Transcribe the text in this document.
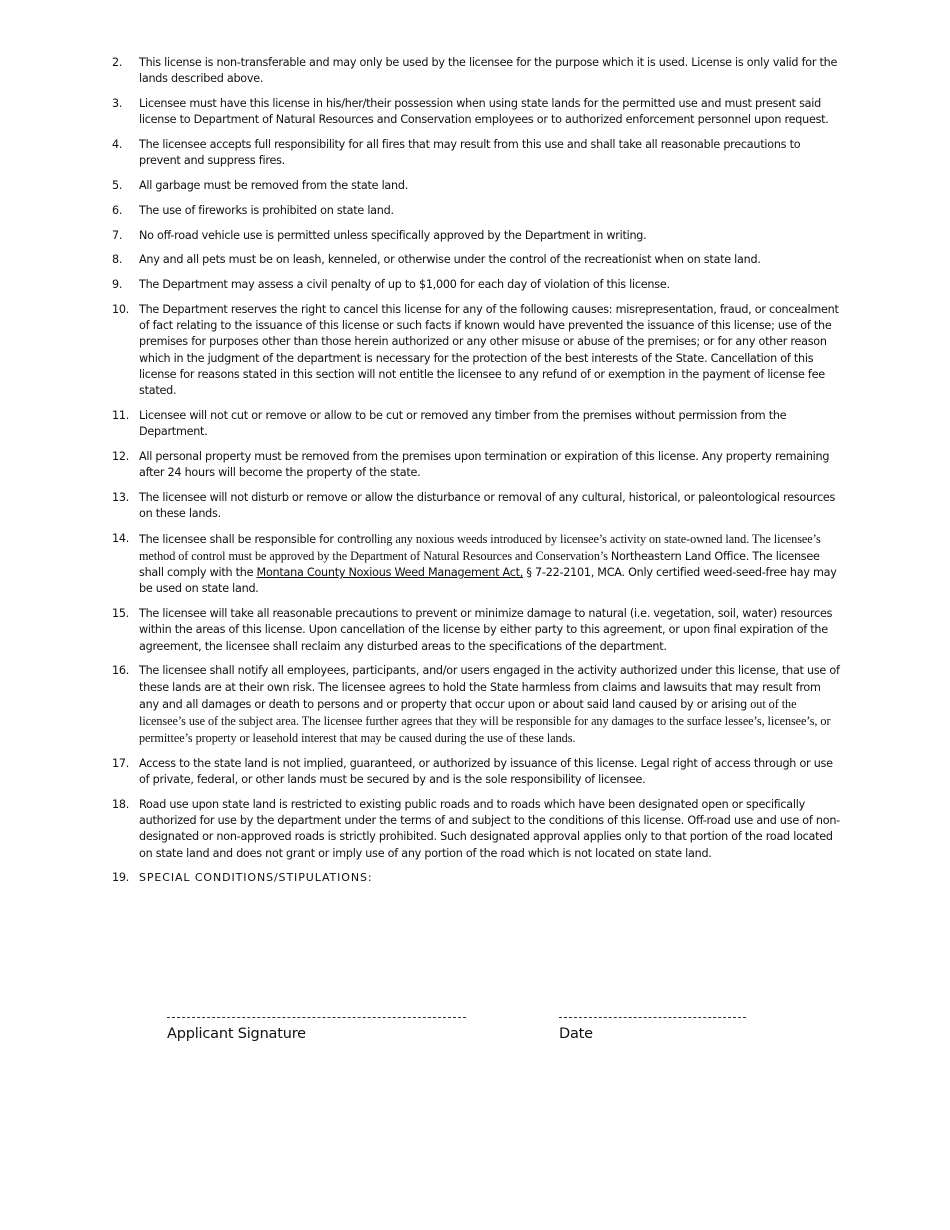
2.	This license is non-transferable and may only be used by the licensee for the purpose which it is used. License is only valid for the lands described above.
3.	Licensee must have this license in his/her/their possession when using state lands for the permitted use and must present said license to Department of Natural Resources and Conservation employees or to authorized enforcement personnel upon request.
4.	The licensee accepts full responsibility for all fires that may result from this use and shall take all reasonable precautions to prevent and suppress fires.
5.	All garbage must be removed from the state land.
6.	The use of fireworks is prohibited on state land.
7.	No off-road vehicle use is permitted unless specifically approved by the Department in writing.
8.	Any and all pets must be on leash, kenneled, or otherwise under the control of the recreationist when on state land.
9.	The Department may assess a civil penalty of up to $1,000 for each day of violation of this license.
10. The Department reserves the right to cancel this license for any of the following causes: misrepresentation, fraud, or concealment of fact relating to the issuance of this license or such facts if known would have prevented the issuance of this license; use of the premises for purposes other than those herein authorized or any other misuse or abuse of the premises; or for any other reason which in the judgment of the department is necessary for the protection of the best interests of the State. Cancellation of this license for reasons stated in this section will not entitle the licensee to any refund of or exemption in the payment of license fee stated.
11. Licensee will not cut or remove or allow to be cut or removed any timber from the premises without permission from the Department.
12. All personal property must be removed from the premises upon termination or expiration of this license. Any property remaining after 24 hours will become the property of the state.
13. The licensee will not disturb or remove or allow the disturbance or removal of any cultural, historical, or paleontological resources on these lands.
14. The licensee shall be responsible for controlling any noxious weeds introduced by licensee’s activity on state-owned land. The licensee’s method of control must be approved by the Department of Natural Resources and Conservation’s Northeastern Land Office. The licensee shall comply with the Montana County Noxious Weed Management Act, § 7-22-2101, MCA. Only certified weed-seed-free hay may be used on state land.
15. The licensee will take all reasonable precautions to prevent or minimize damage to natural (i.e. vegetation, soil, water) resources within the areas of this license. Upon cancellation of the license by either party to this agreement, or upon final expiration of the agreement, the licensee shall reclaim any disturbed areas to the specifications of the department.
16. The licensee shall notify all employees, participants, and/or users engaged in the activity authorized under this license, that use of these lands are at their own risk. The licensee agrees to hold the State harmless from claims and lawsuits that may result from any and all damages or death to persons and or property that occur upon or about said land caused by or arising out of the licensee’s use of the subject area. The licensee further agrees that they will be responsible for any damages to the surface lessee’s, licensee’s, or permittee’s property or leasehold interest that may be caused during the use of these lands.
17. Access to the state land is not implied, guaranteed, or authorized by issuance of this license. Legal right of access through or use of private, federal, or other lands must be secured by and is the sole responsibility of licensee.
18. Road use upon state land is restricted to existing public roads and to roads which have been designated open or specifically authorized for use by the department under the terms of and subject to the conditions of this license. Off-road use and use of non-designated or non-approved roads is strictly prohibited. Such designated approval applies only to that portion of the road located on state land and does not grant or imply use of any portion of the road which is not located on state land.
19. SPECIAL CONDITIONS/STIPULATIONS:
Applicant Signature	Date
